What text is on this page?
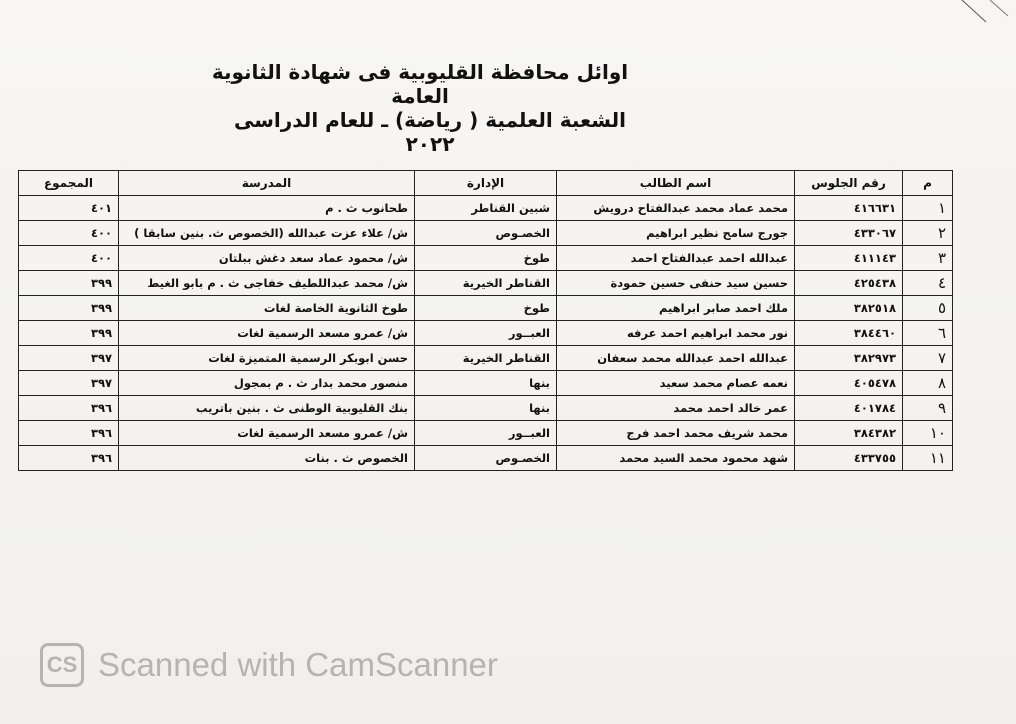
اوائل محافظة القليوبية فى شهادة الثانوية العامة
الشعبة العلمية ( رياضة) ـ للعام الدراسى ٢٠٢٢
م	رقم الجلوس	اسم الطالب	الإدارة	المدرسة	المجموع
١	٤١٦٦٣١	محمد عماد محمد عبدالفتاح درويش	شبين القناطر	طحانوب ث . م	٤٠١
٢	٤٣٣٠٦٧	جورج سامح نظير ابراهيم	الخصـوص	ش/ علاء عزت عبدالله (الخصوص ث. بنين سابقا )	٤٠٠
٣	٤١١١٤٣	عبدالله احمد عبدالفتاح احمد	طوخ	ش/ محمود عماد سعد دغش ببلتان	٤٠٠
٤	٤٢٥٤٣٨	حسين سيد حنفى حسين حمودة	القناطر الخيرية	ش/ محمد عبداللطيف خفاجى ث . م بابو الغيط	٣٩٩
٥	٣٨٢٥١٨	ملك احمد صابر ابراهيم	طوخ	طوخ الثانوية الخاصة لغات	٣٩٩
٦	٣٨٤٤٦٠	نور محمد ابراهيم احمد عرفه	العبــور	ش/ عمرو مسعد الرسمية لغات	٣٩٩
٧	٣٨٢٩٧٣	عبدالله احمد عبدالله محمد سعفان	القناطر الخيرية	حسن ابوبكر الرسمية المتميزة لغات	٣٩٧
٨	٤٠٥٤٧٨	نعمه عصام محمد سعيد	بنها	منصور محمد بدار ث . م بمجول	٣٩٧
٩	٤٠١٧٨٤	عمر خالد احمد محمد	بنها	بنك القليوبية الوطنى ث . بنين باتريب	٣٩٦
١٠	٣٨٤٣٨٢	محمد شريف محمد احمد فرج	العبــور	ش/ عمرو مسعد الرسمية لغات	٣٩٦
١١	٤٣٣٧٥٥	شهد محمود محمد السيد محمد	الخصـوص	الخصوص ث . بنات	٣٩٦
CS Scanned with CamScanner
